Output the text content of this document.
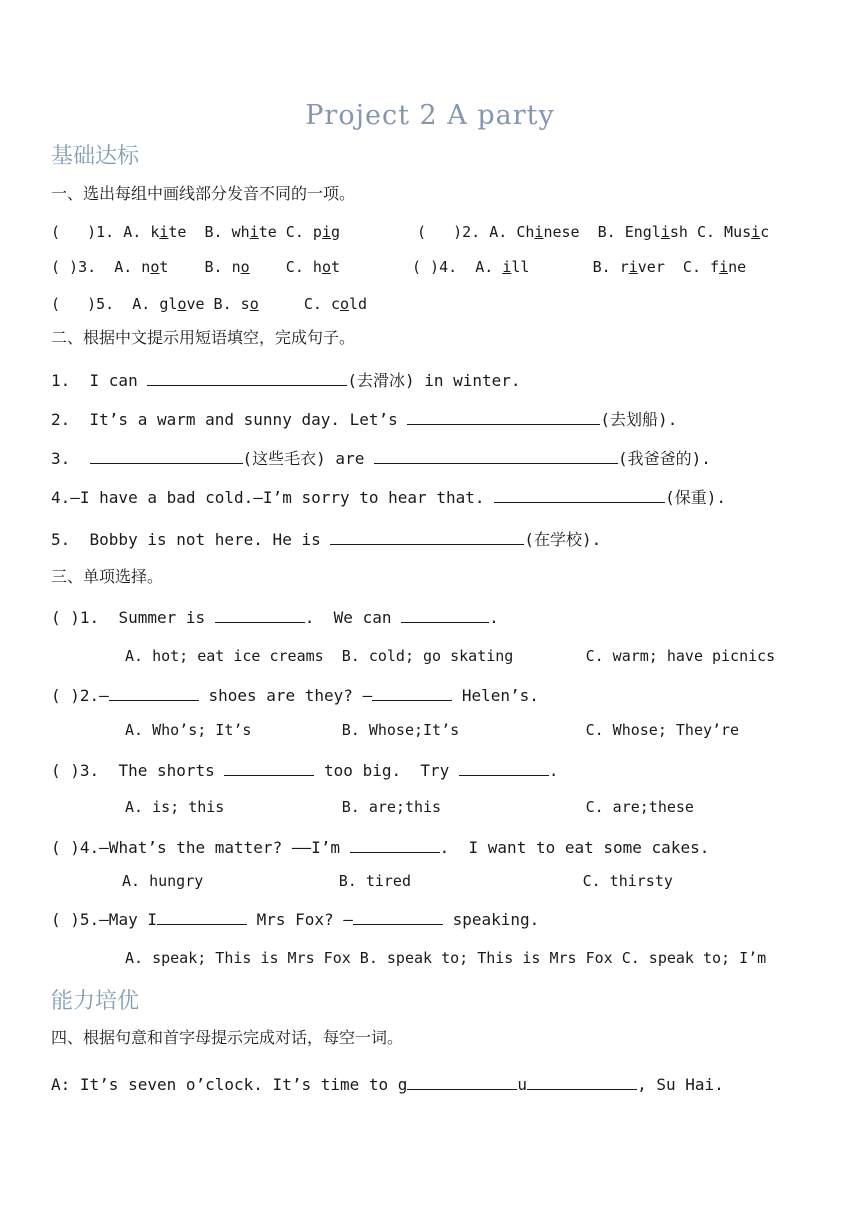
Project 2 A party
基础达标
一、选出每组中画线部分发音不同的一项。
(   )1. A. kite  B. white C. pig	(   )2. A. Chinese  B. English C. Music
( )3.  A. not    B. no    C. hot	( )4.  A. ill       B. river  C. fine
(   )5.  A. glove B. so     C. cold
二、根据中文提示用短语填空，完成句子。
1.  I can	(去滑冰) in winter.
2.  It’s a warm and sunny day. Let’s	(去划船).
3.	(这些毛衣) are	(我爸爸的).
4.—I have a bad cold.—I’m sorry to hear that.	(保重).
5.  Bobby is not here. He is	(在学校).
三、单项选择。
( )1.  Summer is	.  We can	.
A. hot; eat ice creams  B. cold; go skating        C. warm; have picnics
( )2.—	shoes are they? —	Helen’s.
A. Who’s; It’s          B. Whose;It’s              C. Whose; They’re
( )3.  The shorts	too big.  Try	.
A. is; this             B. are;this                C. are;these
( )4.—What’s the matter? ——I’m	.  I want to eat some cakes.
A. hungry               B. tired                   C. thirsty
( )5.—May I	Mrs Fox? —	speaking.
A. speak; This is Mrs Fox B. speak to; This is Mrs Fox C. speak to; I’m
能力培优
四、根据句意和首字母提示完成对话，每空一词。
A: It’s seven o’clock. It’s time to g	u	, Su Hai.
